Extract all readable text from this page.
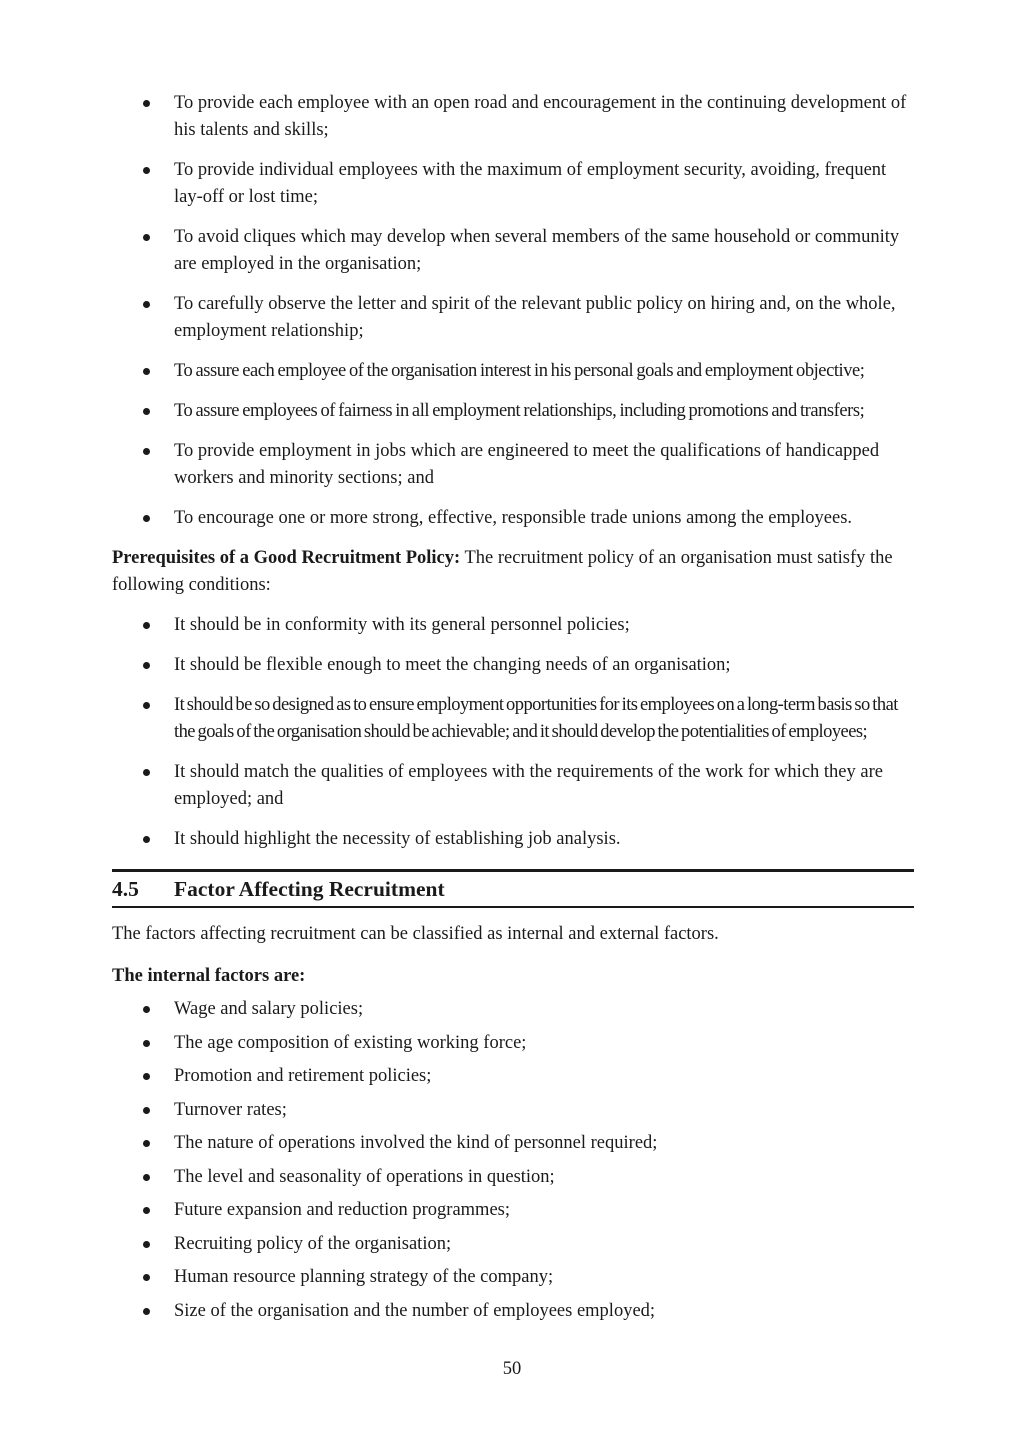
To provide each employee with an open road and encouragement in the continuing development of his talents and skills;
To provide individual employees with the maximum of employment security, avoiding, frequent lay-off or lost time;
To avoid cliques which may develop when several members of the same household or community are employed in the organisation;
To carefully observe the letter and spirit of the relevant public policy on hiring and, on the whole, employment relationship;
To assure each employee of the organisation interest in his personal goals and employment objective;
To assure employees of fairness in all employment relationships, including promotions and transfers;
To provide employment in jobs which are engineered to meet the qualifications of handicapped workers and minority sections; and
To encourage one or more strong, effective, responsible trade unions among the employees.

Prerequisites of a Good Recruitment Policy: The recruitment policy of an organisation must satisfy the following conditions:

It should be in conformity with its general personnel policies;
It should be flexible enough to meet the changing needs of an organisation;
It should be so designed as to ensure employment opportunities for its employees on a long-term basis so that the goals of the organisation should be achievable; and it should develop the potentialities of employees;
It should match the qualities of employees with the requirements of the work for which they are employed; and
It should highlight the necessity of establishing job analysis.
4.5	Factor Affecting Recruitment

The factors affecting recruitment can be classified as internal and external factors.

The internal factors are:

Wage and salary policies;
The age composition of existing working force;
Promotion and retirement policies;
Turnover rates;
The nature of operations involved the kind of personnel required;
The level and seasonality of operations in question;
Future expansion and reduction programmes;
Recruiting policy of the organisation;
Human resource planning strategy of the company;
Size of the organisation and the number of employees employed;
50
